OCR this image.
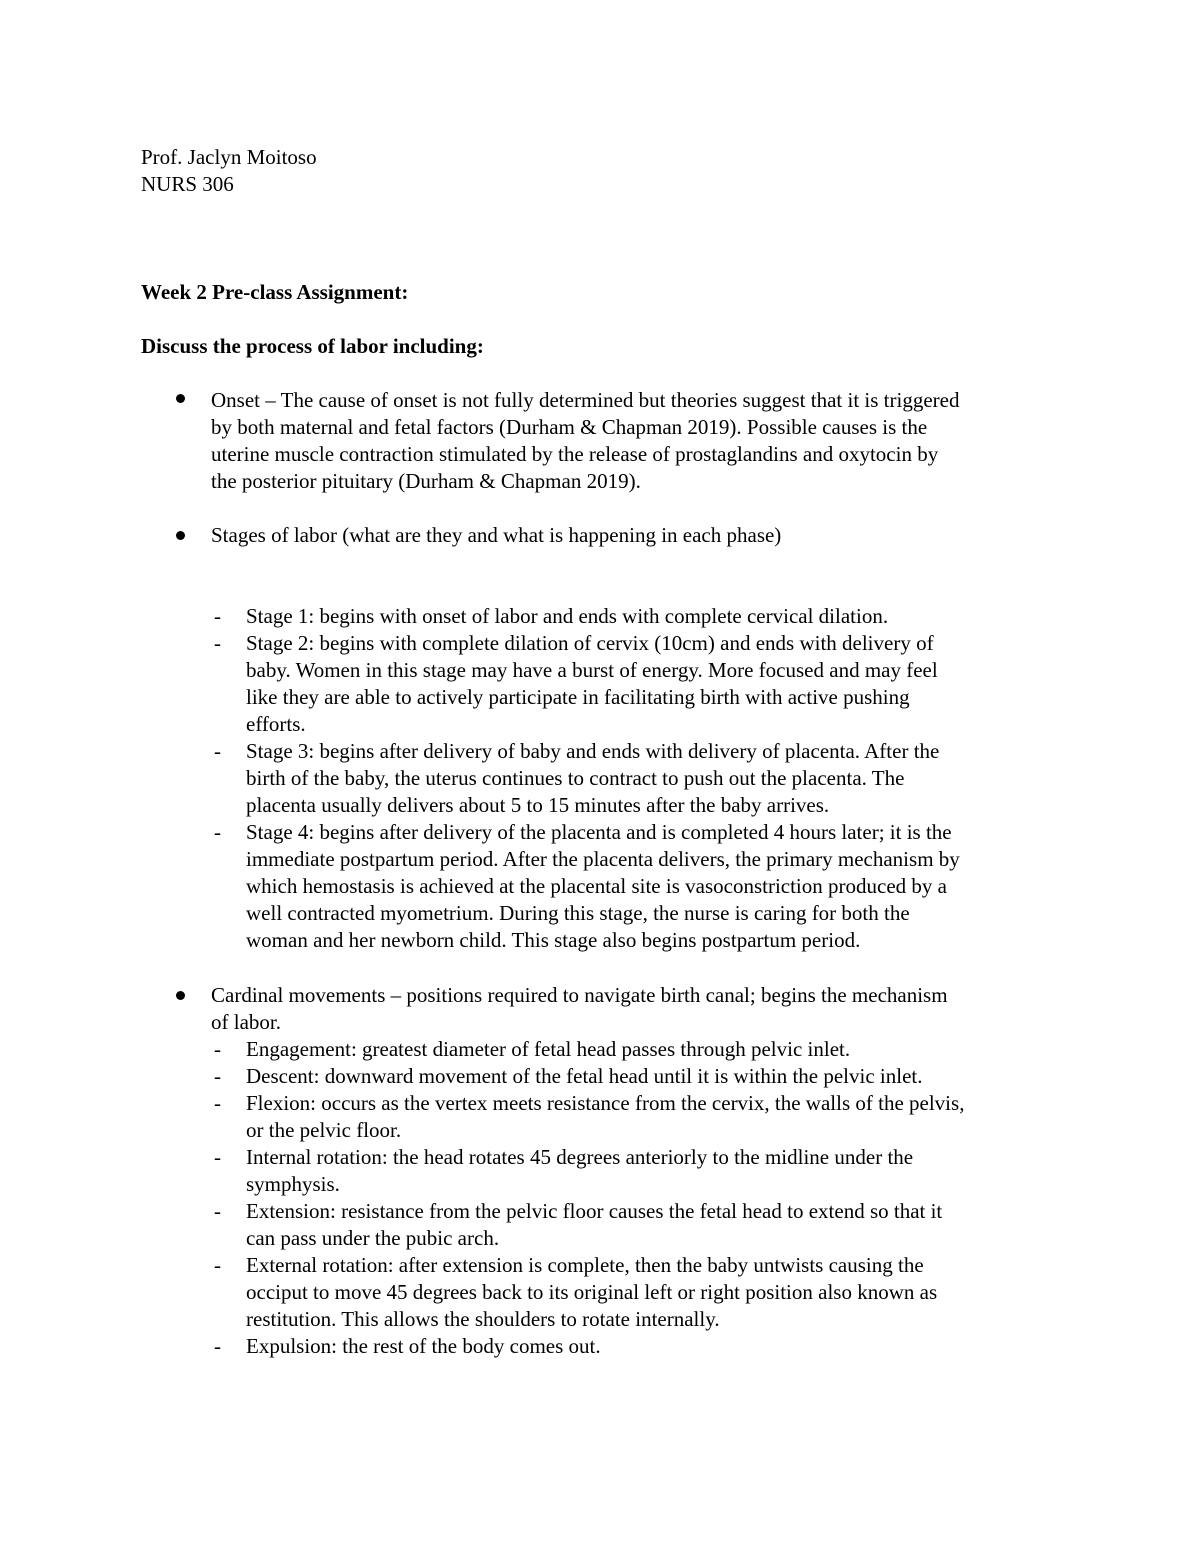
Prof. Jaclyn Moitoso
NURS 306
Week 2 Pre-class Assignment:
Discuss the process of labor including:
Onset – The cause of onset is not fully determined but theories suggest that it is triggered
by both maternal and fetal factors (Durham & Chapman 2019). Possible causes is the
uterine muscle contraction stimulated by the release of prostaglandins and oxytocin by
the posterior pituitary (Durham & Chapman 2019).
Stages of labor (what are they and what is happening in each phase)
- Stage 1: begins with onset of labor and ends with complete cervical dilation.
- Stage 2: begins with complete dilation of cervix (10cm) and ends with delivery of
baby. Women in this stage may have a burst of energy. More focused and may feel
like they are able to actively participate in facilitating birth with active pushing
efforts.
- Stage 3: begins after delivery of baby and ends with delivery of placenta. After the
birth of the baby, the uterus continues to contract to push out the placenta. The
placenta usually delivers about 5 to 15 minutes after the baby arrives.
- Stage 4: begins after delivery of the placenta and is completed 4 hours later; it is the
immediate postpartum period. After the placenta delivers, the primary mechanism by
which hemostasis is achieved at the placental site is vasoconstriction produced by a
well contracted myometrium. During this stage, the nurse is caring for both the
woman and her newborn child. This stage also begins postpartum period.
Cardinal movements – positions required to navigate birth canal; begins the mechanism
of labor.
- Engagement: greatest diameter of fetal head passes through pelvic inlet.
- Descent: downward movement of the fetal head until it is within the pelvic inlet.
- Flexion: occurs as the vertex meets resistance from the cervix, the walls of the pelvis,
or the pelvic floor.
- Internal rotation: the head rotates 45 degrees anteriorly to the midline under the
symphysis.
- Extension: resistance from the pelvic floor causes the fetal head to extend so that it
can pass under the pubic arch.
- External rotation: after extension is complete, then the baby untwists causing the
occiput to move 45 degrees back to its original left or right position also known as
restitution. This allows the shoulders to rotate internally.
- Expulsion: the rest of the body comes out.
